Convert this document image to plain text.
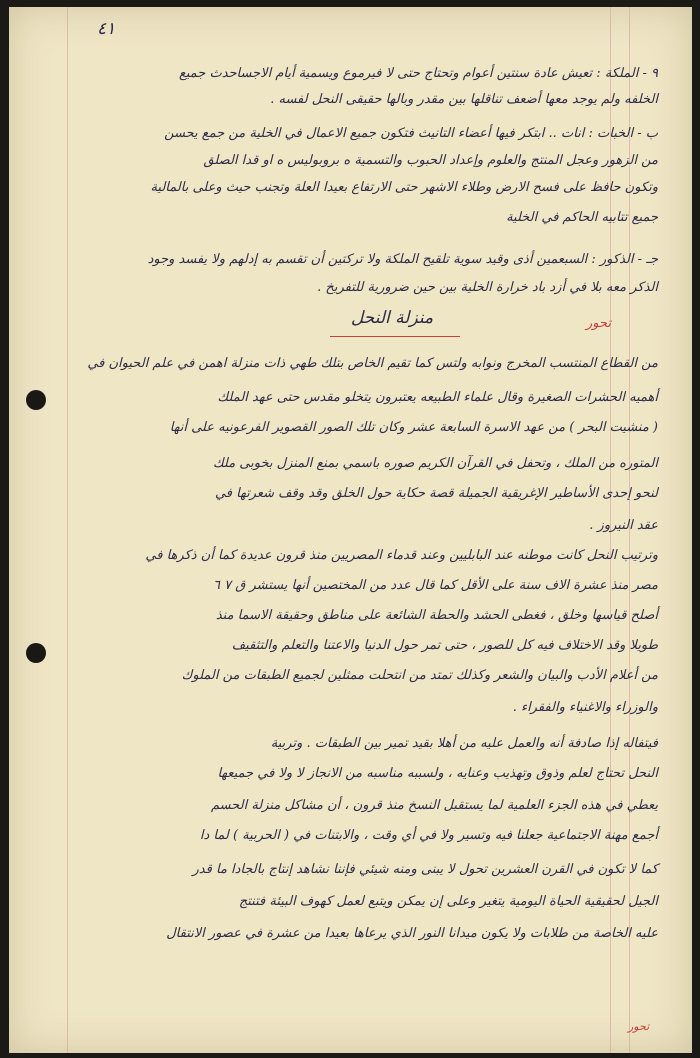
٤١
منزلة النحل	تحور
تحور
٩ - الملكة : تعيش عادة سنتين أعوام وتحتاج حتى لا فيرموع ويسمية أيام الاجساحدث جميع
الخلفه ولم يوجد معها أضعف تناقلها بين مقدر وبالها حقيقى النحل لفسه .
ب - الخبات : انات .. ابتكر فيها أعضاء التانيث فتكون جميع الاعمال في الخلية من جمع يحسن
من الزهور وعجل المنتج والعلوم وإعداد الحبوب والتسمية ه بروبوليس ه او قدا الصلق
وتكون حافظ على فسح الارض وطلاء الاشهر حتى الارتفاع بعيدا العلة وتجنب حيث وعلى بالمالية
جميع تتابيه الحاكم في الخلية
جـ - الذكور : السبعمين أذى وقيد سوية تلقيح الملكة ولا تركتين أن تقسم به إدلهم ولا يفسد وجود
الذكر معه بلا في أزد باد خرارة الخلية بين حين ضرورية للتفريخ .
من القطاع المنتسب المخرج ونوابه ولتس كما تقيم الخاص بتلك طهي ذات منزلة اهمن في علم الحيوان في
أهميه الحشرات الصغيرة وقال علماء الطبيعه يعتبرون يتخلو مقدس حتى عهد الملك
( منشيت البحر ) من عهد الاسرة السابعة عشر وكان تلك الصور القصوير الفرعونيه على أنها
المتوره من الملك ، وتحفل في القرآن الكريم صوره باسمي بمنع المنزل بخوبى ملك
لنحو إحدى الأساطير الإغريقية الجميلة قصة حكاية حول الخلق وقد وقف شعرتها في
عقد النيروز .
وترتيب النحل كانت موطنه عند البابليين وعند قدماء المصريين منذ قرون عديدة كما أن ذكرها في
مصر منذ عشرة الاف سنة على الأقل كما قال عدد من المختصين أنها يستشر ق ٧ ٦
أصلح قياسها وخلق ، فغطى الحشد والحطة الشائعة على مناطق وحقيقة الاسما منذ
طويلا وقد الاختلاف فيه كل للصور ، حتى تمر حول الدنيا والاعتنا والتعلم والتثقيف
من أعلام الأدب والبيان والشعر وكذلك تمتد من انتحلت ممثلين لجميع الطبقات من الملوك
والوزراء والاغنياء والفقراء .
فيتفاله إذا صادفة أنه والعمل عليه من أهلا بقيد تمير بين الطبقات . وتربية
النحل تحتاج لعلم وذوق وتهذيب وعنايه ، ولسببه مناسبه من الانجاز لا ولا في جميعها
يعطي في هذه الجزء العلمية لما يستقبل النسخ منذ قرون ، أن مشاكل منزلة الحسم
أجمع مهنة الاجتماعية جعلنا فيه وتسير ولا في أي وقت ، والابتنات في ( الحربية ) لما دا
كما لا تكون في القرن العشرين تحول لا يبنى ومنه شيئي فإننا نشاهد إنتاج بالجادا ما قدر
الجيل لحقيقية الحياة اليومية يتغير وعلى إن يمكن ويتبع لعمل كهوف البيئة فتنتج
عليه الخاصة من طلابات ولا يكون ميدانا النور الذي يرعاها بعيدا من عشرة في عصور الانتقال
